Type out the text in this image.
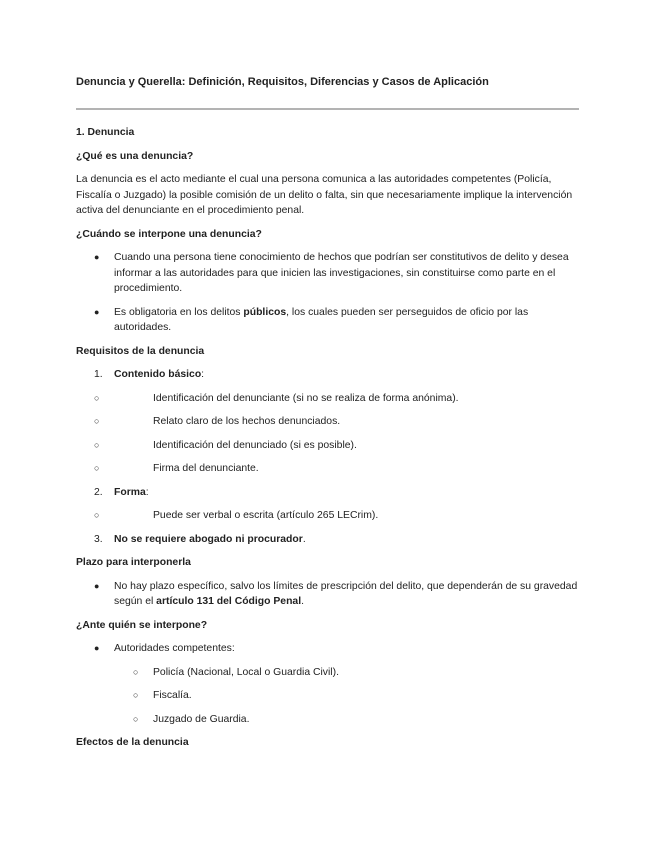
Denuncia y Querella: Definición, Requisitos, Diferencias y Casos de Aplicación
1. Denuncia
¿Qué es una denuncia?
La denuncia es el acto mediante el cual una persona comunica a las autoridades competentes (Policía, Fiscalía o Juzgado) la posible comisión de un delito o falta, sin que necesariamente implique la intervención activa del denunciante en el procedimiento penal.
¿Cuándo se interpone una denuncia?
● Cuando una persona tiene conocimiento de hechos que podrían ser constitutivos de delito y desea informar a las autoridades para que inicien las investigaciones, sin constituirse como parte en el procedimiento.
● Es obligatoria en los delitos públicos, los cuales pueden ser perseguidos de oficio por las autoridades.
Requisitos de la denuncia
1. Contenido básico:
○	Identificación del denunciante (si no se realiza de forma anónima).
○	Relato claro de los hechos denunciados.
○	Identificación del denunciado (si es posible).
○	Firma del denunciante.
2. Forma:
○	Puede ser verbal o escrita (artículo 265 LECrim).
3. No se requiere abogado ni procurador.
Plazo para interponerla
● No hay plazo específico, salvo los límites de prescripción del delito, que dependerán de su gravedad según el artículo 131 del Código Penal.
¿Ante quién se interpone?
● Autoridades competentes:
○ Policía (Nacional, Local o Guardia Civil).
○ Fiscalía.
○ Juzgado de Guardia.
Efectos de la denuncia
